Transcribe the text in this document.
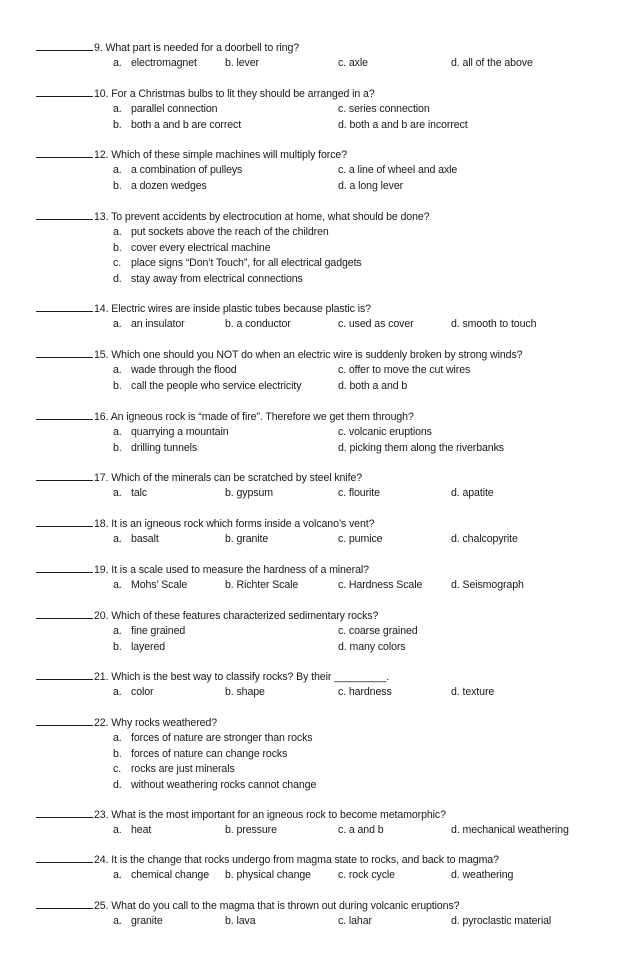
9. What part is needed for a doorbell to ring?
a. electromagnet	b. lever	c. axle	d. all of the above
10. For a Christmas bulbs to lit they should be arranged in a?
a. parallel connection	c. series connection
b. both a and b are correct	d. both a and b are incorrect
12. Which of these simple machines will multiply force?
a. a combination of pulleys	c. a line of wheel and axle
b. a dozen wedges	d. a long lever
13. To prevent accidents by electrocution at home, what should be done?
a. put sockets above the reach of the children
b. cover every electrical machine
c. place signs “Don’t Touch”, for all electrical gadgets
d. stay away from electrical connections
14. Electric wires are inside plastic tubes because plastic is?
a. an insulator	b. a conductor	c. used as cover	d. smooth to touch
15. Which one should you NOT do when an electric wire is suddenly broken by strong winds?
a. wade through the flood	c. offer to move the cut wires
b. call the people who service electricity	d. both a and b
16. An igneous rock is “made of fire”. Therefore we get them through?
a. quarrying a mountain	c. volcanic eruptions
b. drilling tunnels	d. picking them along the riverbanks
17. Which of the minerals can be scratched by steel knife?
a. talc	b. gypsum	c. flourite	d. apatite
18. It is an igneous rock which forms inside a volcano’s vent?
a. basalt	b. granite	c. pumice	d. chalcopyrite
19. It is a scale used to measure the hardness of a mineral?
a. Mohs’ Scale	b. Richter Scale	c. Hardness Scale	d. Seismograph
20. Which of these features characterized sedimentary rocks?
a. fine grained	c. coarse grained
b. layered	d. many colors
21. Which is the best way to classify rocks? By their _________.
a. color	b. shape	c. hardness	d. texture
22. Why rocks weathered?
a. forces of nature are stronger than rocks
b. forces of nature can change rocks
c. rocks are just minerals
d. without weathering rocks cannot change
23. What is the most important for an igneous rock to become metamorphic?
a. heat	b. pressure	c. a and b	d. mechanical weathering
24. It is the change that rocks undergo from magma state to rocks, and back to magma?
a. chemical change b. physical change	c. rock cycle	d. weathering
25. What do you call to the magma that is thrown out during volcanic eruptions?
a. granite	b. lava	c. lahar	d. pyroclastic material
